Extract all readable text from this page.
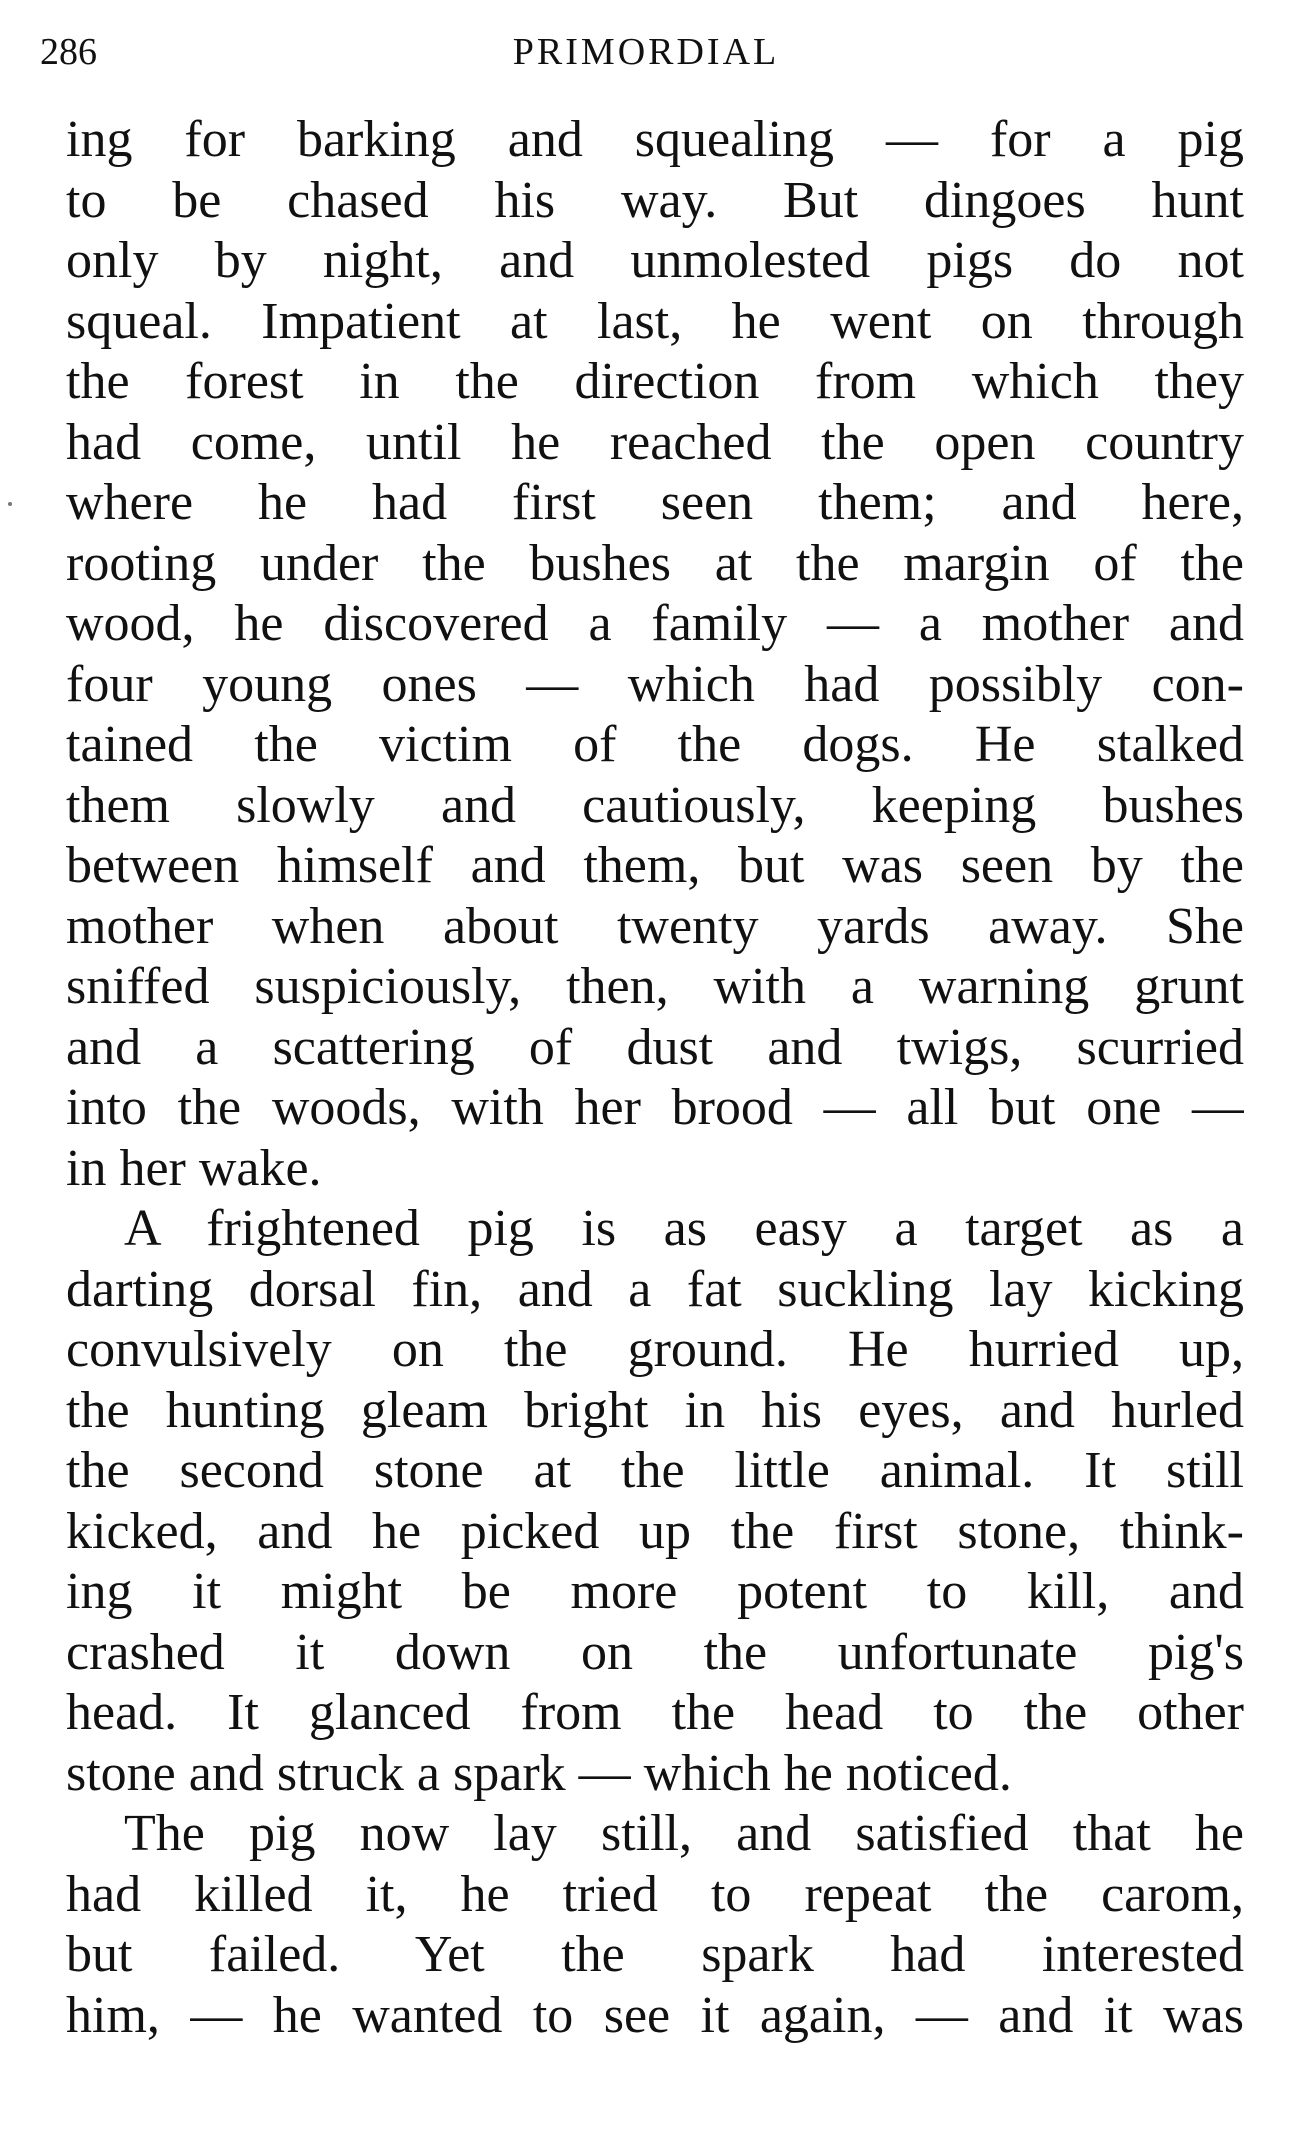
286	PRIMORDIAL
ing for barking and squealing — for a pig
to be chased his way. But dingoes hunt
only by night, and unmolested pigs do not
squeal. Impatient at last, he went on through
the forest in the direction from which they
had come, until he reached the open country
where he had first seen them; and here,
rooting under the bushes at the margin of the
wood, he discovered a family — a mother and
four young ones — which had possibly con-
tained the victim of the dogs. He stalked
them slowly and cautiously, keeping bushes
between himself and them, but was seen by the
mother when about twenty yards away. She
sniffed suspiciously, then, with a warning grunt
and a scattering of dust and twigs, scurried
into the woods, with her brood — all but one —
in her wake.
A frightened pig is as easy a target as a
darting dorsal fin, and a fat suckling lay kicking
convulsively on the ground. He hurried up,
the hunting gleam bright in his eyes, and hurled
the second stone at the little animal. It still
kicked, and he picked up the first stone, think-
ing it might be more potent to kill, and
crashed it down on the unfortunate pig's
head. It glanced from the head to the other
stone and struck a spark — which he noticed.
The pig now lay still, and satisfied that he
had killed it, he tried to repeat the carom,
but failed. Yet the spark had interested
him, — he wanted to see it again, — and it was
